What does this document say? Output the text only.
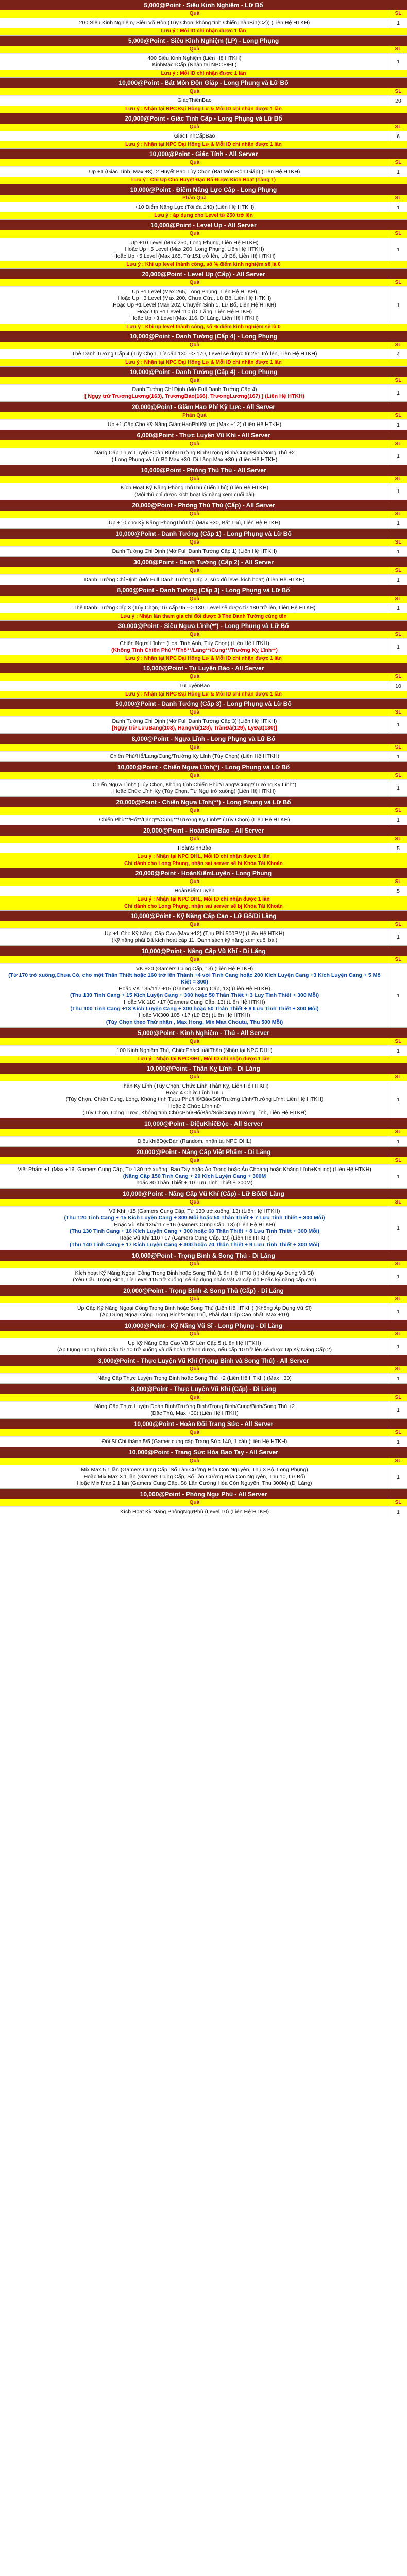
5,000@Point - Siêu Kinh Nghiệm - Lữ Bố
Quà	SL
200 Siêu Kinh Nghiệm, Siêu Võ Hồn (Túy Chọn, không tính ChiếnThầnBin(CZ)) (Liên Hệ HTKH)	1
Lưu ý : Mỗi ID chỉ nhận được 1 lần
5,000@Point - Siêu Kinh Nghiệm (LP) - Long Phụng
Quà	SL
400 Siêu Kinh Nghiệm (Liên Hệ HTKH)
KinhMạchCấp (Nhận tại NPC ĐHL)	1
Lưu ý : Mỗi ID chỉ nhận được 1 lần
10,000@Point - Bát Môn Độn Giáp - Long Phụng và Lữ Bố
Quà	SL
GiácThiênBao	20
Lưu ý : Nhận tại NPC Đại Hồng Lư & Mỗi ID chỉ nhận được 1 lần
20,000@Point - Giác Tinh Cấp - Long Phụng và Lữ Bố
Quà	SL
GiácTinhCấpBao	6
Lưu ý : Nhận tại NPC Đại Hồng Lư & Mỗi ID chỉ nhận được 1 lần
10,000@Point - Giác Tính - All Server
Quà	SL
Up +1 (Giác Tính, Max +8), 2 Huyết Bao Tùy Chọn (Bát Môn Độn Giáp) (Liên Hệ HTKH)	1
Lưu ý : Chỉ Up Cho Huyệt Đạo Đã Được Kích Hoạt (Tầng 1)
10,000@Point - Điểm Năng Lực Cấp - Long Phụng
Phần Quà	SL
+10 Điểm Năng Lực (Tối đa 140) (Liên Hệ HTKH)	1
Lưu ý : áp dụng cho Level từ 250 trở lên
10,000@Point - Level Up - All Server
Quà	SL
Up +10 Level (Max 250, Long Phụng, Liên Hệ HTKH)
Hoặc Up +5 Level (Max 260, Long Phụng, Liên Hệ HTKH)
Hoặc Up +5 Level (Max 165, Tứ 151 trở lên, Lữ Bố, Liên Hệ HTKH)
1
Lưu ý : Khi up level thành công, số % điểm kinh nghiệm sẽ là 0
20,000@Point - Level Up (Cấp) - All Server
Quà	SL
Up +1 Level (Max 265, Long Phụng, Liên Hệ HTKH)
Hoặc Up +3 Level (Max 200, Chưa Cửu, Lữ Bố, Liên Hệ HTKH)
Hoặc Up +1 Level (Max 202, Chuyển Sinh 1, Lữ Bố, Liên Hệ HTKH)
Hoặc Up +1 Level 110 (Di Lăng, Liên Hệ HTKH)
Hoặc Up +3 Level (Max 116, Di Lăng, Liên Hệ HTKH)
1
Lưu ý : Khi up level thành công, số % điểm kinh nghiệm sẽ là 0
10,000@Point - Danh Tướng (Cấp 4) - Long Phụng
Quà	SL
Thẻ Danh Tướng Cấp 4 (Túy Chọn, Từ cấp 130 --> 170, Level sẽ được từ 251 trở lên, Liên Hệ HTKH)	4
Lưu ý : Nhận tại NPC Đại Hồng Lư & Mỗi ID chỉ nhận được 1 lần
10,000@Point - Danh Tướng (Cấp 4) - Long Phụng
Quà	SL
Danh Tướng Chỉ Định (Mở Full Danh Tướng Cấp 4)
[ Ngụy trừ TrươngLương(163), TrươngBảo(166), TrươngLương(167) ] (Liên Hệ HTKH)	1
20,000@Point - Giảm Hao Phí Kỹ Lực - All Server
Phần Quà	SL
Up +1 Cấp Cho Kỹ Năng GiảmHaoPhíKỹLực (Max +12) (Liên Hệ HTKH)	1
6,000@Point - Thực Luyện Vũ Khí - All Server
Quà	SL
Năng Cấp Thực Luyện Đoàn Binh/Trường Binh/Trọng Binh/Cung/Binh/Song Thủ +2
( Long Phụng và Lữ Bố Max +30, Di Lăng Max +30 ) (Liên Hệ HTKH)	1
10,000@Point - Phòng Thủ Thú - All Server
Quà	SL
Kích Hoạt Kỹ Năng PhòngThủThú (Tiến Thủ) (Liên Hệ HTKH)
(Mỗi thú chỉ được kích hoạt kỹ năng xem cuối bài)	1
20,000@Point - Phòng Thủ Thú (Cấp) - All Server
Quà	SL
Up +10 cho Kỹ Năng PhòngThủThú (Max +30, Bất Thú, Liên Hệ HTKH)	1
10,000@Point - Danh Tướng (Cấp 1) - Long Phụng và Lữ Bố
Quà	SL
Danh Tướng Chỉ Định (Mở Full Danh Tướng Cấp 1) (Liên Hệ HTKH)	1
30,000@Point - Danh Tướng (Cấp 2) - All Server
Quà	SL
Danh Tướng Chỉ Định (Mở Full Danh Tướng Cấp 2, sức đủ level kích hoạt) (Liên Hệ HTKH)	1
8,000@Point - Danh Tướng (Cấp 3) - Long Phụng và Lữ Bố
Quà	SL
Thẻ Danh Tướng Cấp 3 (Túy Chọn, Từ cấp 95 --> 130, Level sẽ được từ 180 trở lên, Liên Hệ HTKH)	1
Lưu ý : Nhận lần tham gia chỉ đổi được 3 Thẻ Danh Tướng cùng tên
30,000@Point - Siêu Ngựa Lĩnh(**) - Long Phụng và Lữ Bố
Quà	SL
Chiến Ngựa Lĩnh** (Loại Tinh Anh, Tùy Chọn) (Liên Hệ HTKH)
(Không Tính Chiến Phù**/Thố**/Lang**/Cung**/Trường Kỵ Lĩnh**)	1
Lưu ý : Nhận tại NPC Đại Hồng Lư & Mỗi ID chỉ nhận được 1 lần
10,000@Point - Tụ Luyện Bảo - All Server
Quà	SL
TuLuyệnBao	10
Lưu ý : Nhận tại NPC Đại Hồng Lư & Mỗi ID chỉ nhận được 1 lần
50,000@Point - Danh Tướng (Cấp 3) - Long Phụng và Lữ Bố
Quà	SL
Danh Tướng Chỉ Định (Mở Full Danh Tướng Cấp 3) (Liên Hệ HTKH)
[Ngụy trừ LưuBang(103), HạngVũ(128), TrầnĐà(129), LyĐạt(130)]	1
8,000@Point - Ngựa Lĩnh - Long Phụng và Lữ Bố
Quà	SL
Chiến Phù/Hổ/Lang/Cung/Trường Kỵ Lĩnh (Tùy Chọn) (Liên Hệ HTKH)	1
10,000@Point - Chiến Ngựa Lĩnh(*) - Long Phụng và Lữ Bố
Quà	SL
Chiến Ngựa Lĩnh* (Túy Chọn, Không tính Chiến Phù*/Lang*/Cung*/Trường Kỵ Lĩnh*)
Hoặc Chức Lĩnh Kỵ (Túy Chọn, Từ Ngự trở xuống) (Liên Hệ HTKH)	1
20,000@Point - Chiến Ngựa Lĩnh(**) - Long Phụng và Lữ Bố
Quà	SL
Chiến Phù**/Hổ**/Lang**/Cung**/Trường Kỵ Lĩnh** (Tùy Chọn) (Liên Hệ HTKH)	1
20,000@Point - HoànSinhBảo - All Server
Quà	SL
HoànSinhBảo	5
Lưu ý : Nhận tại NPC ĐHL, Mỗi ID chỉ nhận được 1 lần
Chỉ dành cho Long Phụng, nhận sai server sẽ bị Khóa Tài Khoản
20,000@Point - HoànKiếmLuyện - Long Phụng
Quà	SL
HoànKiếmLuyện	5
Lưu ý : Nhận tại NPC ĐHL, Mỗi ID chỉ nhận được 1 lần
Chỉ dành cho Long Phụng, nhận sai server sẽ bị Khóa Tài Khoản
10,000@Point - Kỹ Năng Cấp Cao - Lữ Bố/Di Lăng
Quà	SL
Up +1 Cho Kỹ Năng Cấp Cao (Max +12) (Thụ Phí 500PM) (Liên Hệ HTKH)
(Kỹ năng phải Đã kích hoạt cấp 11, Danh sách kỹ năng xem cuối bài)	1
10,000@Point - Nâng Cấp Vũ Khí - Di Lăng
Quà	SL
VK +20 (Gamers Cung Cấp, 13) (Liên Hệ HTKH)
(Từ 170 trở xuống,Chưa Có, cho một Thân Thiết hoặc 160 trở lên Thành +4 với Tinh Cang hoặc 200 Kích Luyện Cang +3 Kích Luyện Cang + 5 Mố Kiệt = 300)
Hoặc VK 135/117 +15 (Gamers Cung Cấp, 13) (Liên Hệ HTKH)
(Thu 130 Tinh Cang + 15 Kích Luyện Cang + 300 hoặc 50 Thân Thiết + 3 Luy Tinh Thiết + 300 Mỗi)
Hoặc VK 110 +17 (Gamers Cung Cấp, 13) (Liên Hệ HTKH)
(Thu 100 Tinh Cang +13 Kích Luyện Cang + 300 hoặc 50 Thân Thiết + 8 Lưu Tinh Thiết + 300 Mỗi)
Hoặc VK300 105 +17 (Lữ Bố) (Liên Hệ HTKH)
(Tùy Chọn theo Thứ nhận , Max Hong, Mix Max Choutu, Thu 500 Mỗi)
1
5,000@Point - Kinh Nghiệm - Thú - All Server
Quà	SL
100 Kinh Nghiệm Thú, ChiếcPhácHuấtThần (Nhận tại NPC ĐHL)	1
Lưu ý : Nhận tại NPC ĐHL, Mỗi ID chỉ nhận được 1 lần
10,000@Point - Thân Kỵ Lĩnh - Di Lăng
Quà	SL
Thân Kỵ Lĩnh (Túy Chọn, Chức Lĩnh Thân Kỵ, Liên Hệ HTKH)
Hoặc 4 Chức Lĩnh TuLu
(Túy Chọn, Chiến Cung, Lòng, Không tính TuLu Phù/Hổ/Bào/Sói/Trường Lĩnh/Trường Lĩnh, Liên Hệ HTKH)
Hoặc 2 Chức Lĩnh nữ
(Túy Chọn, Công Lược, Không tính ChứcPhù/Hổ/Bào/Sói/Cung/Trường Lĩnh, Liên Hệ HTKH)
1
10,000@Point - DiệuKhiếĐộc - All Server
Quà	SL
DiệuKhiếĐộcBán (Random, nhận tại NPC ĐHL)	1
20,000@Point - Nâng Cấp Việt Phẩm - Di Lăng
Quà	SL
Việt Phẩm +1 (Max +16, Gamers Cung Cấp, Từ 130 trở xuống, Bao Tay hoặc Áo Trọng hoặc Áo Choàng hoặc Khăng Lĩnh+Khung) (Liên Hệ HTKH)
(Nâng Cấp 150 Tinh Cang + 20 Kích Luyện Cang + 300M
hoặc 80 Thân Thiết + 10 Lưu Tinh Thiết + 300M)
1
10,000@Point - Nâng Cấp Vũ Khí (Cấp) - Lữ Bố/Di Lăng
Quà	SL
Vũ Khí +15 (Gamers Cung Cấp, Từ 130 trở xuống, 13) (Liên Hệ HTKH)
(Thu 120 Tinh Cang + 15 Kích Luyện Cang + 300 Mỗi hoặc 50 Thân Thiết + 7 Lưu Tinh Thiết + 300 Mỗi)
Hoặc Vũ Khí 135/117 +16 (Gamers Cung Cấp, 13) (Liên Hệ HTKH)
(Thu 130 Tinh Cang + 16 Kích Luyện Cang + 300 hoặc 60 Thân Thiết + 8 Lưu Tinh Thiết + 300 Mỗi)
Hoặc Vũ Khí 110 +17 (Gamers Cung Cấp, 13) (Liên Hệ HTKH)
(Thu 140 Tinh Cang + 17 Kích Luyện Cang + 300 hoặc 70 Thân Thiết + 9 Lưu Tinh Thiết + 300 Mỗi)
1
10,000@Point - Trọng Binh & Song Thủ - Di Lăng
Quà	SL
Kích hoạt Kỹ Năng Ngoại Công Trọng Binh hoặc Song Thủ (Liên Hệ HTKH) (Không Áp Dụng Vũ Sĩ)
(Yêu Cầu Trọng Binh, Từ Level 115 trở xuống, sẽ áp dụng nhân vật và cấp độ Hoặc ký năng cấp cao)	1
20,000@Point - Trọng Binh & Song Thủ (Cấp) - Di Lăng
Quà	SL
Up Cấp Kỹ Năng Ngoại Công Trọng Binh hoặc Song Thủ (Liên Hệ HTKH) (Không Áp Dụng Vũ Sĩ)
(Áp Dụng Ngoại Công Trọng Binh/Song Thủ, Phải đạt Cấp Cao nhất, Max +10)	1
10,000@Point - Kỹ Năng Vũ Sĩ - Long Phụng - Di Lăng
Quà	SL
Up Kỹ Năng Cấp Cao Vũ Sĩ Lên Cấp 5 (Liên Hệ HTKH)
(Áp Dụng Trọng binh Cấp từ 10 trở xuống và đã hoàn thành được, nếu cấp 10 trở lên sẽ được Up Kỹ Năng Cấp 2)	1
3,000@Point - Thực Luyện Vũ Khí (Trọng Binh và Song Thủ) - All Server
Quà	SL
Nâng Cấp Thực Luyện Trọng Binh hoặc Song Thủ +2 (Liên Hệ HTKH) (Max +30)	1
8,000@Point - Thực Luyện Vũ Khí (Cấp) - Di Lăng
Quà	SL
Năng Cấp Thực Luyện Đoàn Binh/Trường Binh/Trọng Binh/Cung/Binh/Song Thủ +2
(Dặc Thù, Max +30) (Liên Hệ HTKH)	1
10,000@Point - Hoàn Đổi Trang Sức - All Server
Quà	SL
Đổi Sĩ Chỉ thành 5/5 (Gamer cung cấp Trang Sức 140, 1 cái) (Liên Hệ HTKH)	1
10,000@Point - Trang Sức Hóa Bao Tay - All Server
Quà	SL
Mix Max 5 1 lần (Gamers Cung Cấp, Số Lần Cường Hóa Con Nguyên, Thụ 3 Bộ, Long Phụng)
Hoặc Mix Max 3 1 lần (Gamers Cung Cấp, Số Lần Cường Hóa Con Nguyên, Thu 10, Lữ Bố)
Hoặc Mix Max 2 1 lần (Gamers Cung Cấp, Số Lần Cường Hóa Còn Nguyên, Thu 300M) (Di Lăng)
1
10,000@Point - Phòng Ngự Phù - All Server
Quà	SL
Kích Hoạt Kỹ Năng PhòngNgựPhù (Level 10) (Liên Hệ HTKH)	1
